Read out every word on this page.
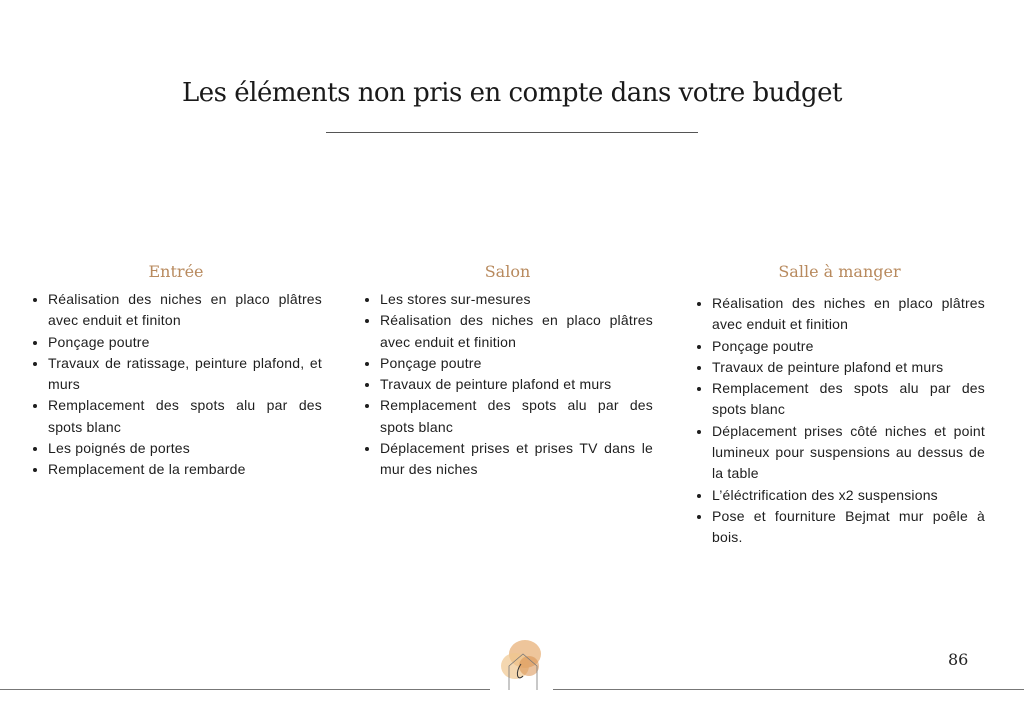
Les éléments non pris en compte dans votre budget
Entrée
• Réalisation des niches en placo plâtres avec enduit et finiton
• Ponçage poutre
• Travaux de ratissage, peinture plafond, et murs
• Remplacement des spots alu par des spots blanc
• Les poignés de portes
• Remplacement de la rembarde
Salon
• Les stores sur-mesures
• Réalisation des niches en placo plâtres avec enduit et finition
• Ponçage poutre
• Travaux de peinture plafond et murs
• Remplacement des spots alu par des spots blanc
• Déplacement prises et prises TV dans le mur des niches
Salle à manger
• Réalisation des niches en placo plâtres avec enduit et finition
• Ponçage poutre
• Travaux de peinture plafond et murs
• Remplacement des spots alu par des spots blanc
• Déplacement prises côté niches et point lumineux pour suspensions au dessus de la table
• L’éléctrification des x2 suspensions
• Pose et fourniture Bejmat mur poêle à bois.
86
